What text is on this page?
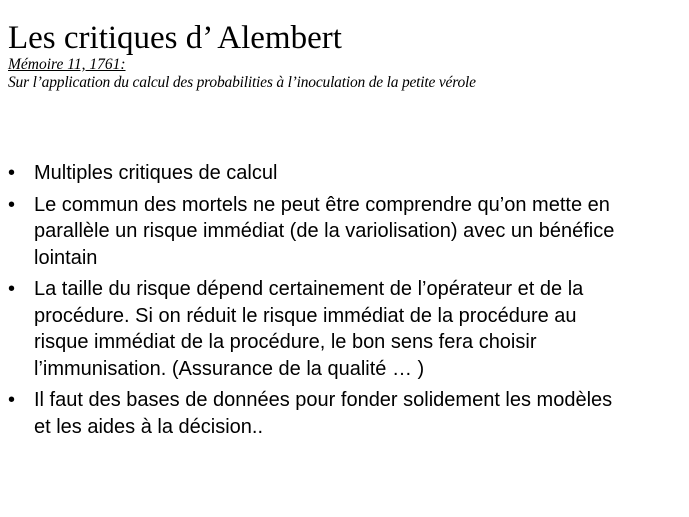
Les critiques d’ Alembert

Mémoire 11, 1761:

Sur l’application du calcul des probabilities à l’inoculation de la petite vérole

• Multiples critiques de calcul
• Le commun des mortels ne peut être comprendre qu’on mette en parallèle un risque immédiat (de la variolisation) avec un bénéfice lointain
• La taille du risque dépend certainement de l’opérateur et de la procédure. Si on réduit le risque immédiat de la procédure au risque immédiat de la procédure, le bon sens fera choisir l’immunisation. (Assurance de la qualité … )
• Il faut des bases de données pour fonder solidement les modèles et les aides à la décision..
